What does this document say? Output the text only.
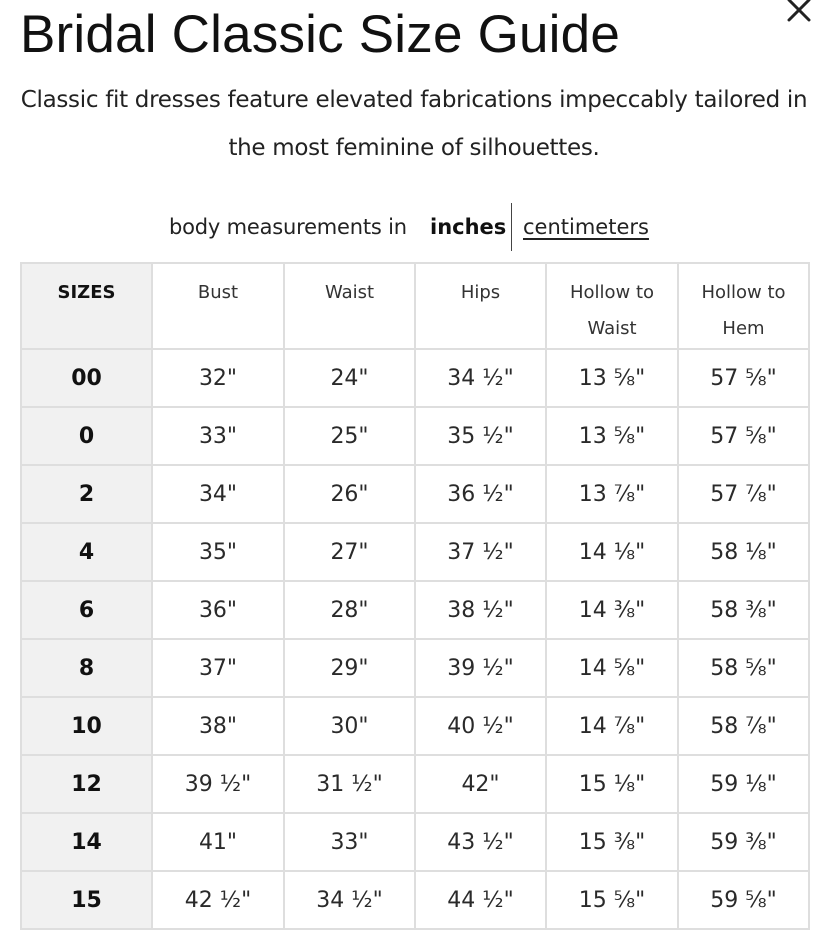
Bridal Classic Size Guide
Classic fit dresses feature elevated fabrications impeccably tailored in the most feminine of silhouettes.
body measurements in inches centimeters
SIZES	Bust	Waist	Hips	Hollow to Waist	Hollow to Hem
00	32"	24"	34 ½"	13 ⅝"	57 ⅝"
0	33"	25"	35 ½"	13 ⅝"	57 ⅝"
2	34"	26"	36 ½"	13 ⅞"	57 ⅞"
4	35"	27"	37 ½"	14 ⅛"	58 ⅛"
6	36"	28"	38 ½"	14 ⅜"	58 ⅜"
8	37"	29"	39 ½"	14 ⅝"	58 ⅝"
10	38"	30"	40 ½"	14 ⅞"	58 ⅞"
12	39 ½"	31 ½"	42"	15 ⅛"	59 ⅛"
14	41"	33"	43 ½"	15 ⅜"	59 ⅜"
15	42 ½"	34 ½"	44 ½"	15 ⅝"	59 ⅝"
